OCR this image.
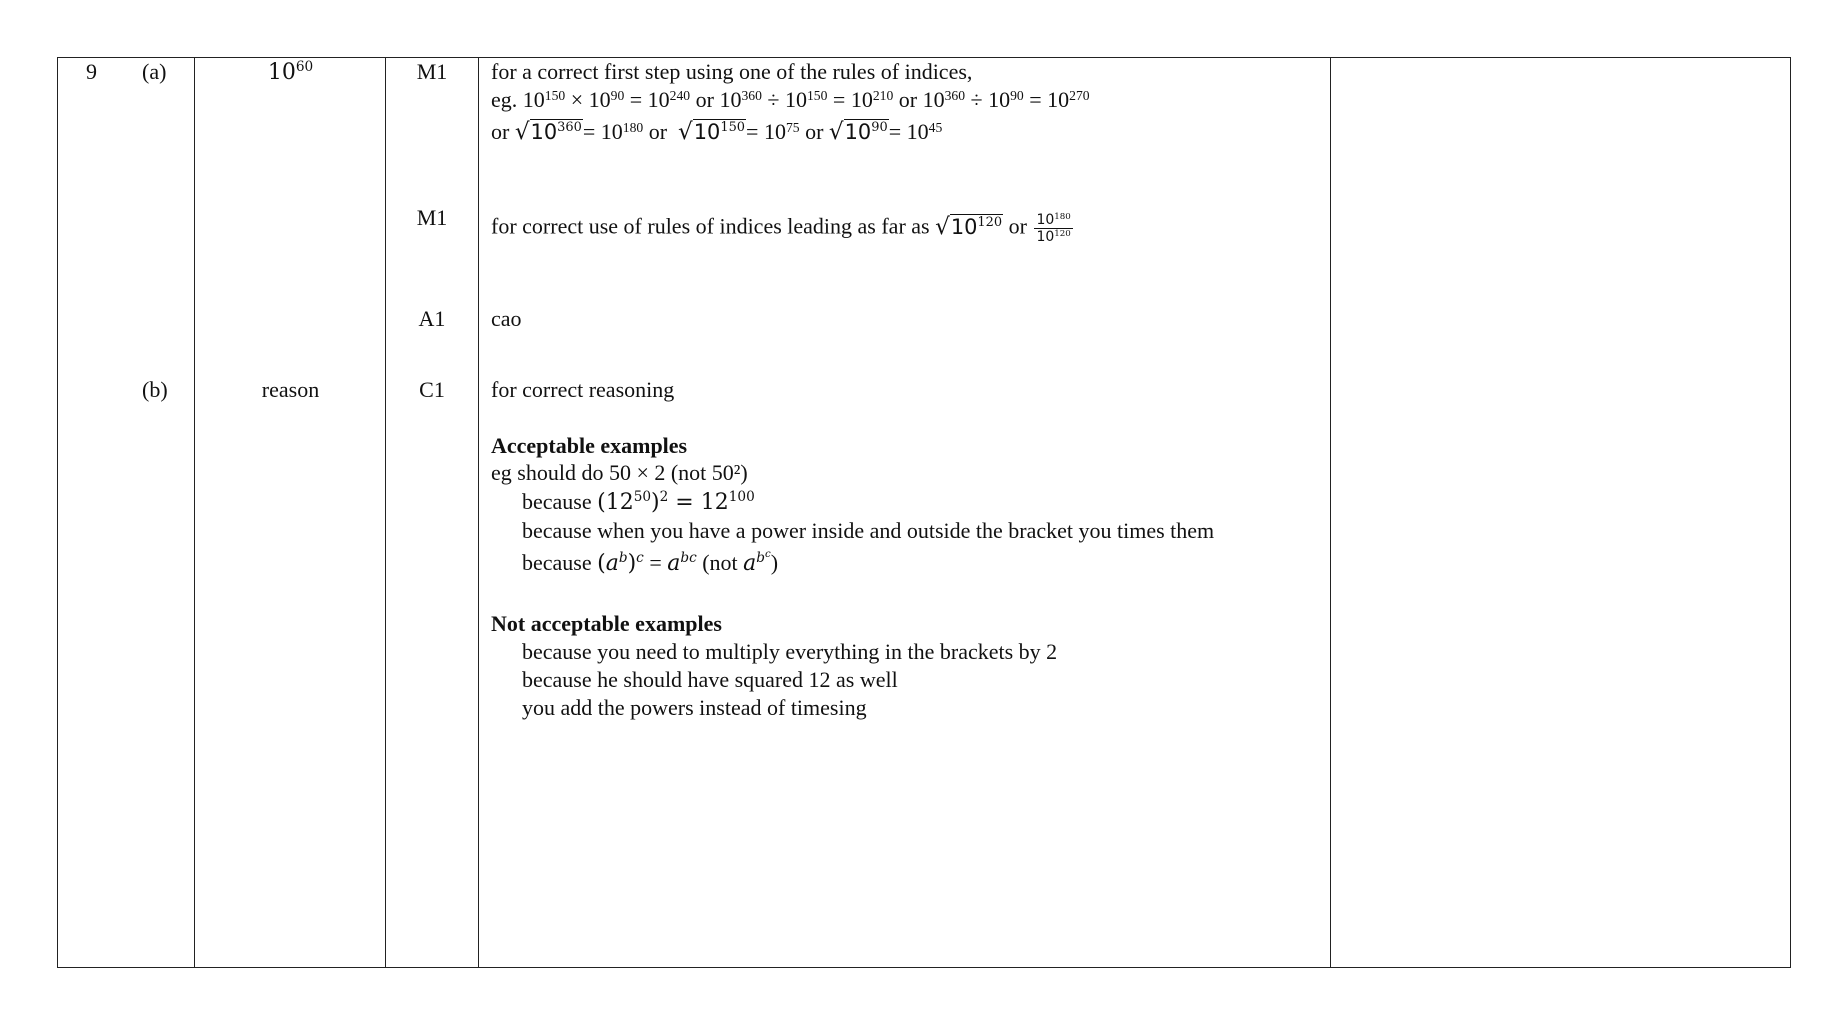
9 (a)
(b)
$10^{60}$
reason
M1
M1
A1
C1
for a correct first step using one of the rules of indices,
eg. $10^{150} \times 10^{90} = 10^{240}$ or $10^{360} \div 10^{150} = 10^{210}$ or $10^{360} \div 10^{90} = 10^{270}$
or $√10^{360}= 10^{180}$ or $√10^{150}= 10^{75}$ or $√10^{90}= 10^{45}$
for correct use of rules of indices leading as far as $√10^{120}$ or $\frac{10^{180}}{10^{120}}$
cao
for correct reasoning
Acceptable examples
eg should do 50 × 2 (not 50²)
because $(12^{50})^2 = 12^{100}$
because when you have a power inside and outside the bracket you times them
because $(a^b)^c = a^{bc}$ (not $a^{b^c}$)
Not acceptable examples
because you need to multiply everything in the brackets by 2
because he should have squared 12 as well
you add the powers instead of timesing
